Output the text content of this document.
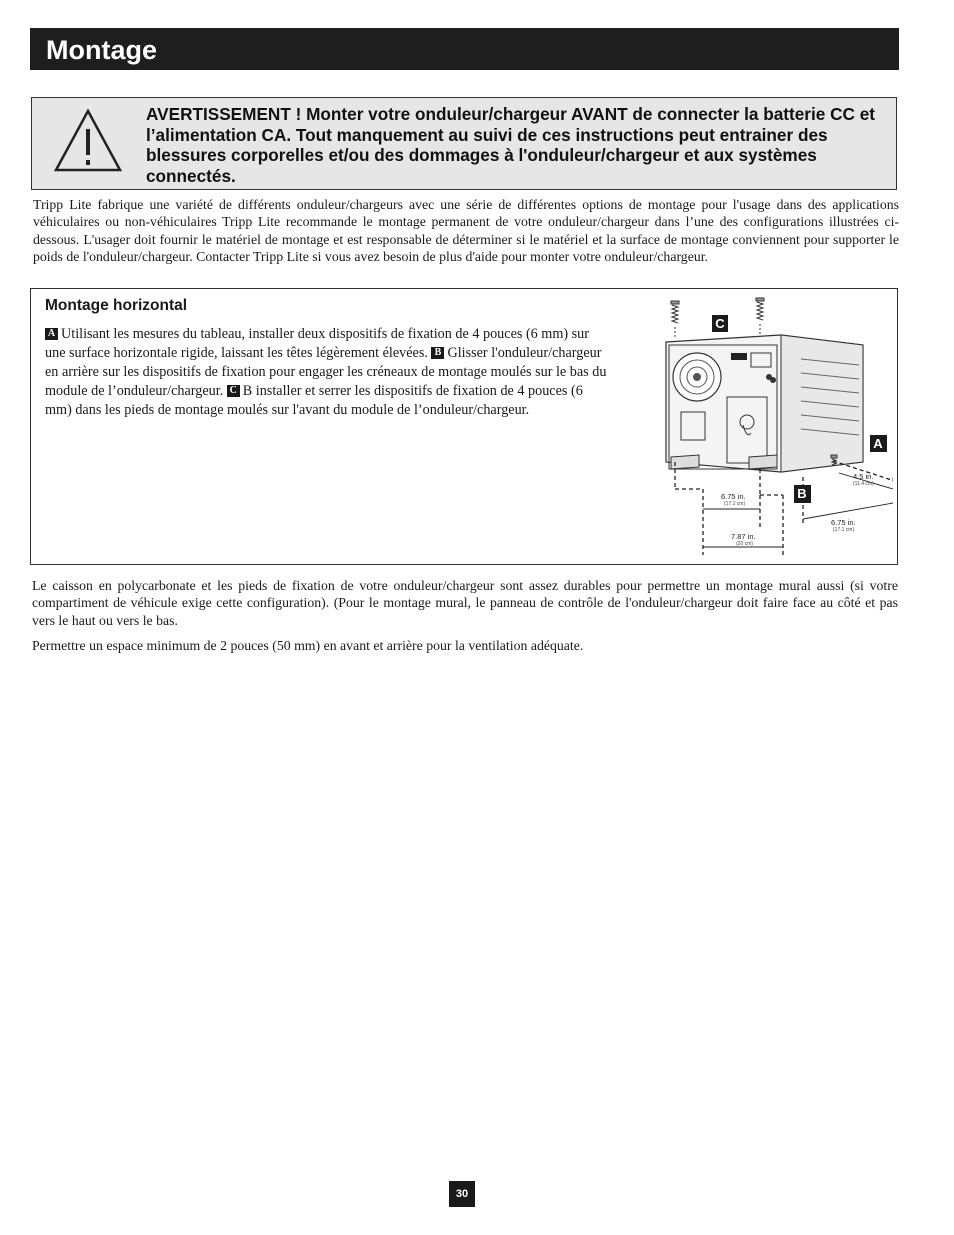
Montage
AVERTISSEMENT ! Monter votre onduleur/chargeur AVANT de connecter la batterie CC et l’alimentation CA. Tout manquement au suivi de ces instructions peut entrainer des blessures corporelles et/ou des dommages à l'onduleur/chargeur et aux systèmes connectés.

Tripp Lite fabrique une variété de différents onduleur/chargeurs avec une série de différentes options de montage pour l'usage dans des applications véhiculaires ou non-véhiculaires Tripp Lite recommande le montage permanent de votre onduleur/chargeur dans l’une des configurations illustrées ci-dessous. L'usager doit fournir le matériel de montage et est responsable de déterminer si le matériel et la surface de montage conviennent pour supporter le poids de l'onduleur/chargeur. Contacter Tripp Lite si vous avez besoin de plus d'aide pour monter votre onduleur/chargeur.

Montage horizontal

A Utilisant les mesures du tableau, installer deux dispositifs de fixation de 4 pouces (6 mm) sur une surface horizontale rigide, laissant les têtes légèrement élevées. B Glisser l'onduleur/chargeur en arrière sur les dispositifs de fixation pour engager les créneaux de montage moulés sur le bas du module de l’onduleur/chargeur. C B installer et serrer les dispositifs de fixation de 4 pouces (6 mm) dans les pieds de montage moulés sur l'avant du module de l’onduleur/chargeur.

C
A
B
4.5 in.
(11.4 cm)
6.75 in.
(17.1 cm)
6.75 in.
(17.1 cm)
7.87 in.
(20 cm)

Le caisson en polycarbonate et les pieds de fixation de votre onduleur/chargeur sont assez durables pour permettre un montage mural aussi (si votre compartiment de véhicule exige cette configuration). (Pour le montage mural, le panneau de contrôle de l'onduleur/chargeur doit faire face au côté et pas vers le haut ou vers le bas.

Permettre un espace minimum de 2 pouces (50 mm) en avant et arrière pour la ventilation adéquate.

30
